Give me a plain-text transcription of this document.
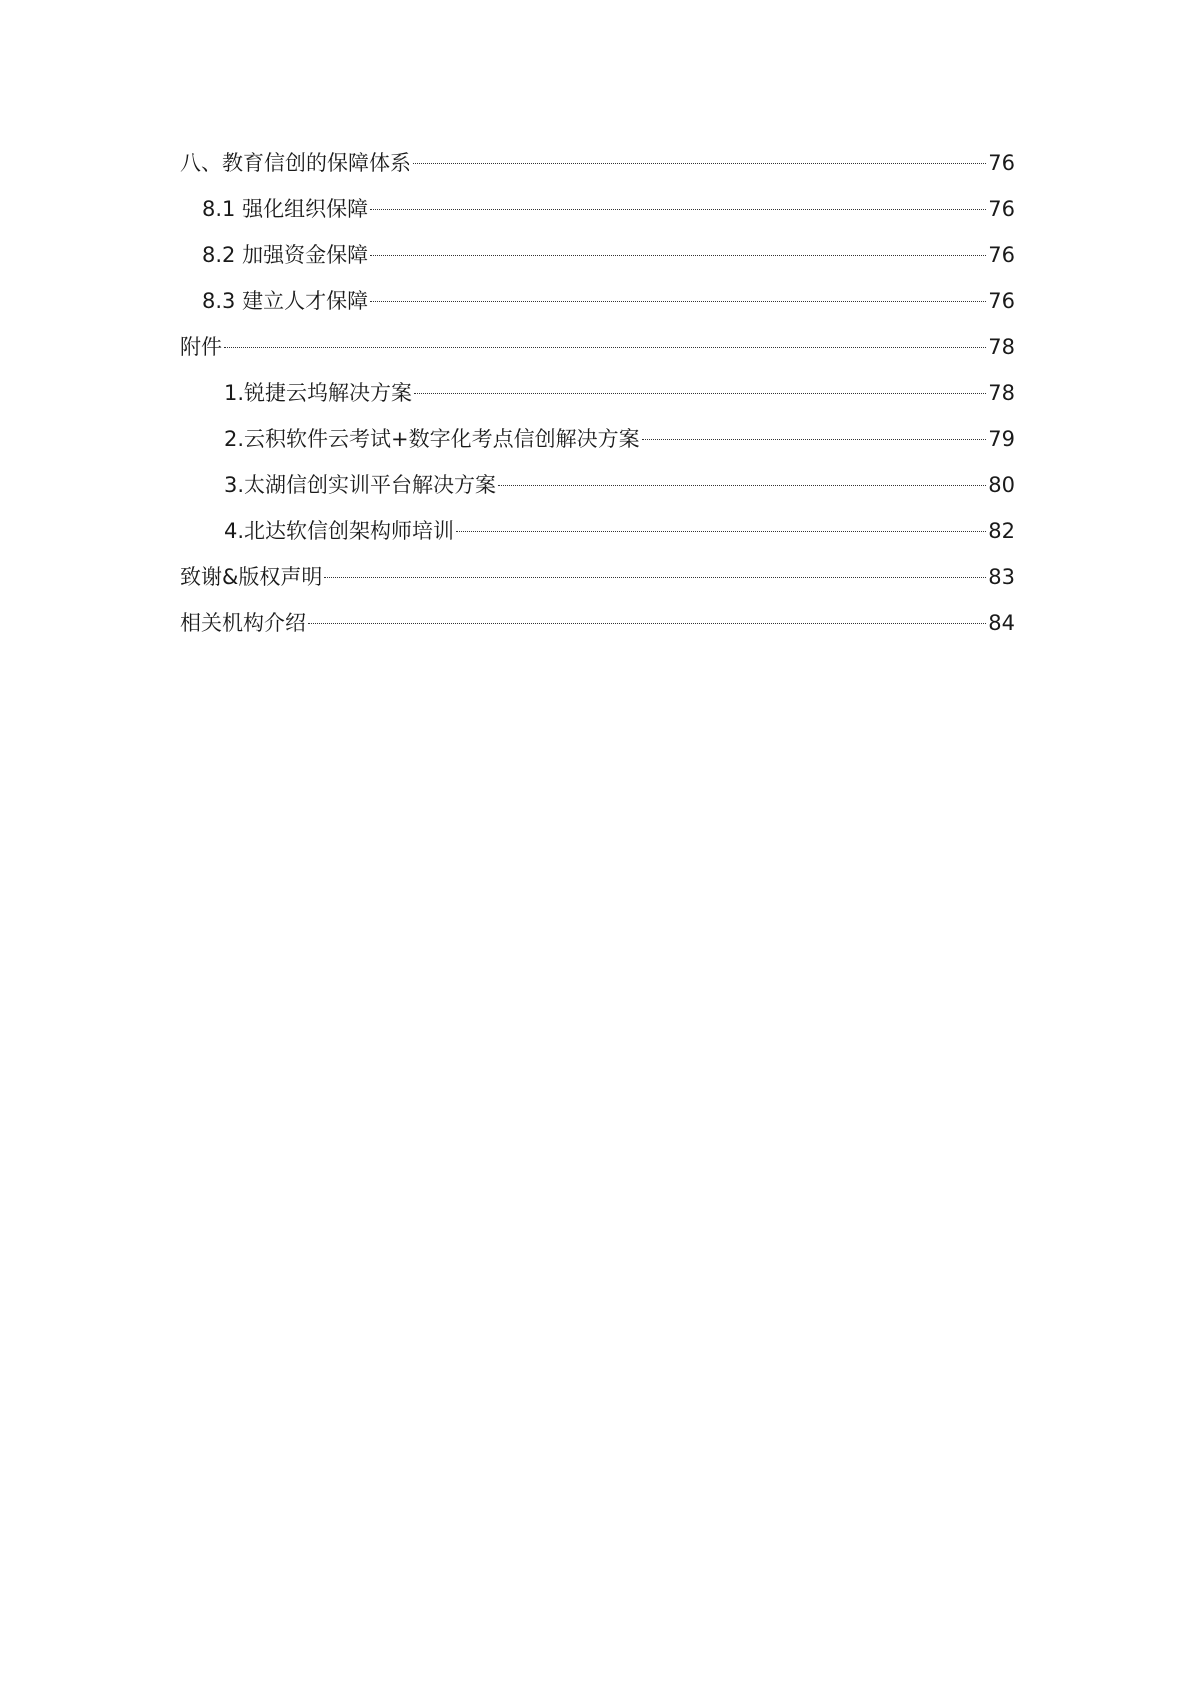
八、教育信创的保障体系	76
8.1 强化组织保障	76
8.2 加强资金保障	76
8.3 建立人才保障	76
附件	78
1.锐捷云坞解决方案	78
2.云积软件云考试+数字化考点信创解决方案	79
3.太湖信创实训平台解决方案	80
4.北达软信创架构师培训	82
致谢&版权声明	83
相关机构介绍	84
